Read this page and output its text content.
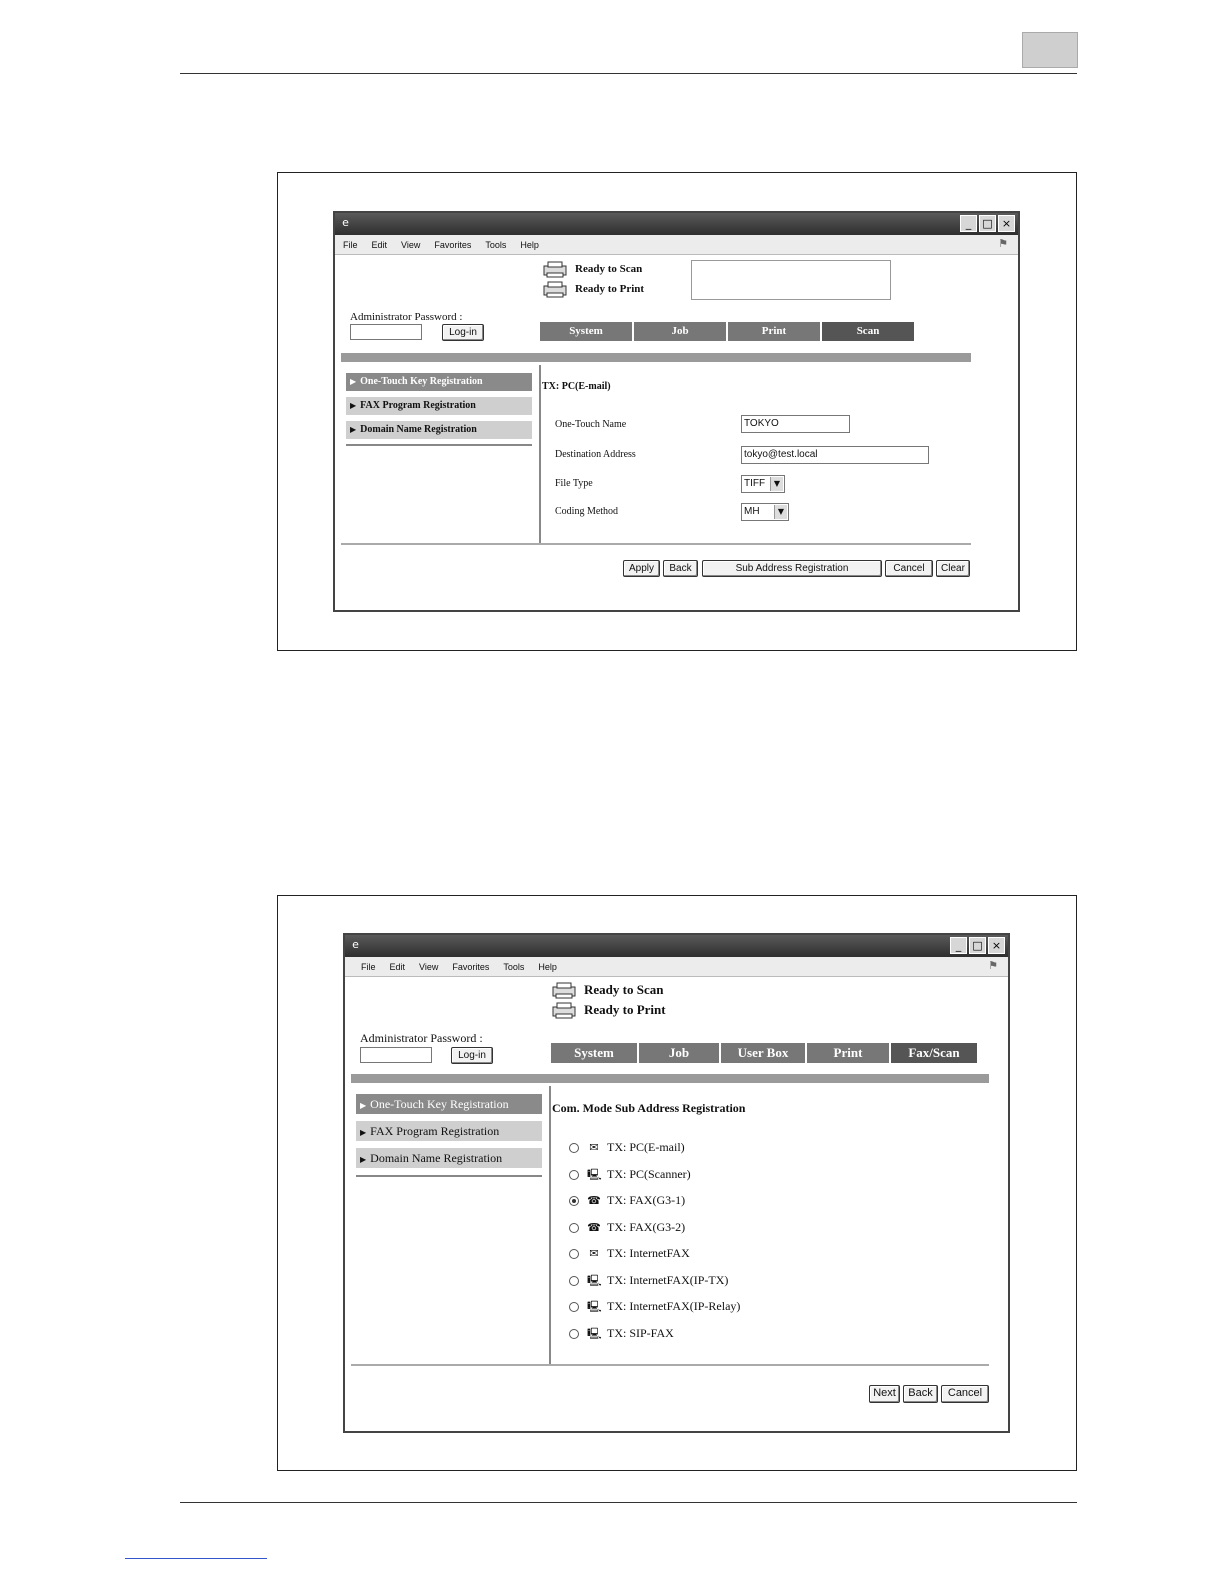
e	_	□ ×
File Edit View Favorites Tools Help	⚑
Ready to Scan
Ready to Print
Administrator Password :
Log-in	System	Job	Print	Scan
▶ One-Touch Key Registration
▶ FAX Program Registration
▶ Domain Name Registration
TX: PC(E-mail)
One-Touch Name	TOKYO
Destination Address	tokyo@test.local
File Type	TIFF	▼
Coding Method	MH	▼
Apply	Back	Sub Address Registration	Cancel	Clear
e	_	□ ×
File Edit View Favorites Tools Help	⚑
Ready to Scan
Ready to Print
Administrator Password :
Log-in	System	Job	User Box	Print	Fax/Scan
▶ One-Touch Key Registration
▶ FAX Program Registration
▶ Domain Name Registration
Com. Mode Sub Address Registration
✉ TX: PC(E-mail)
🖳 TX: PC(Scanner)
☎ TX: FAX(G3-1)
☎ TX: FAX(G3-2)
✉ TX: InternetFAX
🖳 TX: InternetFAX(IP-TX)
🖳 TX: InternetFAX(IP-Relay)
🖳 TX: SIP-FAX
Next	Back	Cancel
